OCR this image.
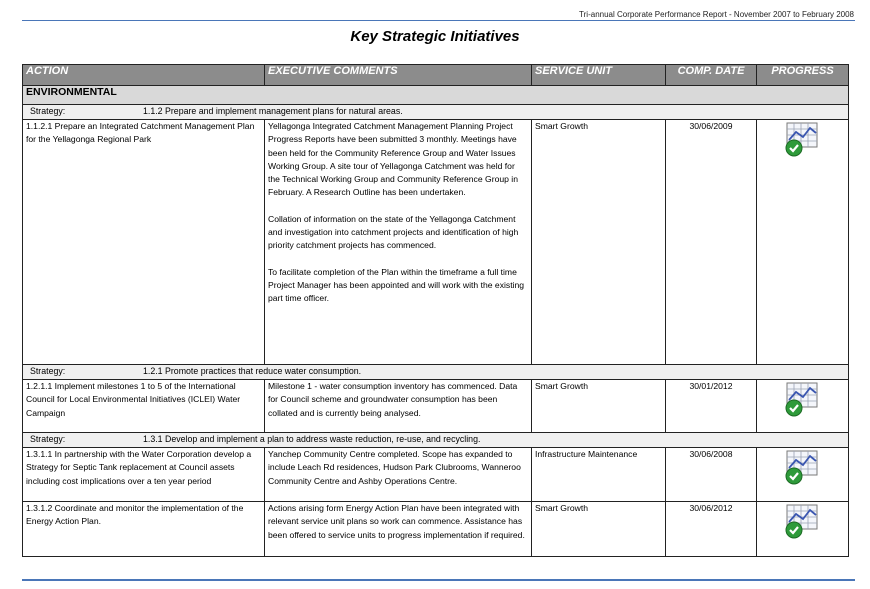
Tri-annual Corporate Performance Report - November 2007 to February 2008
Key Strategic Initiatives
ACTION	EXECUTIVE COMMENTS	SERVICE UNIT	COMP. DATE	PROGRESS
ENVIRONMENTAL				
Strategy: 1.1.2 Prepare and implement management plans for natural areas.				
1.1.2.1 Prepare an Integrated Catchment Management Plan for the Yellagonga Regional Park	Yellagonga Integrated Catchment Management Planning Project Progress Reports have been submitted 3 monthly. Meetings have been held for the Community Reference Group and Water Issues Working Group. A site tour of Yellagonga Catchment was held for the Technical Working Group and Community Reference Group in February. A Research Outline has been undertaken.
Collation of information on the state of the Yellagonga Catchment and investigation into catchment projects and identification of high priority catchment projects has commenced.
To facilitate completion of the Plan within the timeframe a full time Project Manager has been appointed and will work with the existing part time officer.	Smart Growth	30/06/2009	
Strategy: 1.2.1 Promote practices that reduce water consumption.				
1.2.1.1 Implement milestones 1 to 5 of the International Council for Local Environmental Initiatives (ICLEI) Water Campaign	Milestone 1 - water consumption inventory has commenced. Data for Council scheme and groundwater consumption has been collated and is currently being analysed.	Smart Growth	30/01/2012	
Strategy: 1.3.1 Develop and implement a plan to address waste reduction, re-use, and recycling.				
1.3.1.1 In partnership with the Water Corporation develop a Strategy for Septic Tank replacement at Council assets including cost implications over a ten year period	Yanchep Community Centre completed. Scope has expanded to include Leach Rd residences, Hudson Park Clubrooms, Wanneroo Community Centre and Ashby Operations Centre.	Infrastructure Maintenance	30/06/2008	
1.3.1.2 Coordinate and monitor the implementation of the Energy Action Plan.	Actions arising form Energy Action Plan have been integrated with relevant service unit plans so work can commence. Assistance has been offered to service units to progress implementation if required.	Smart Growth	30/06/2012	
